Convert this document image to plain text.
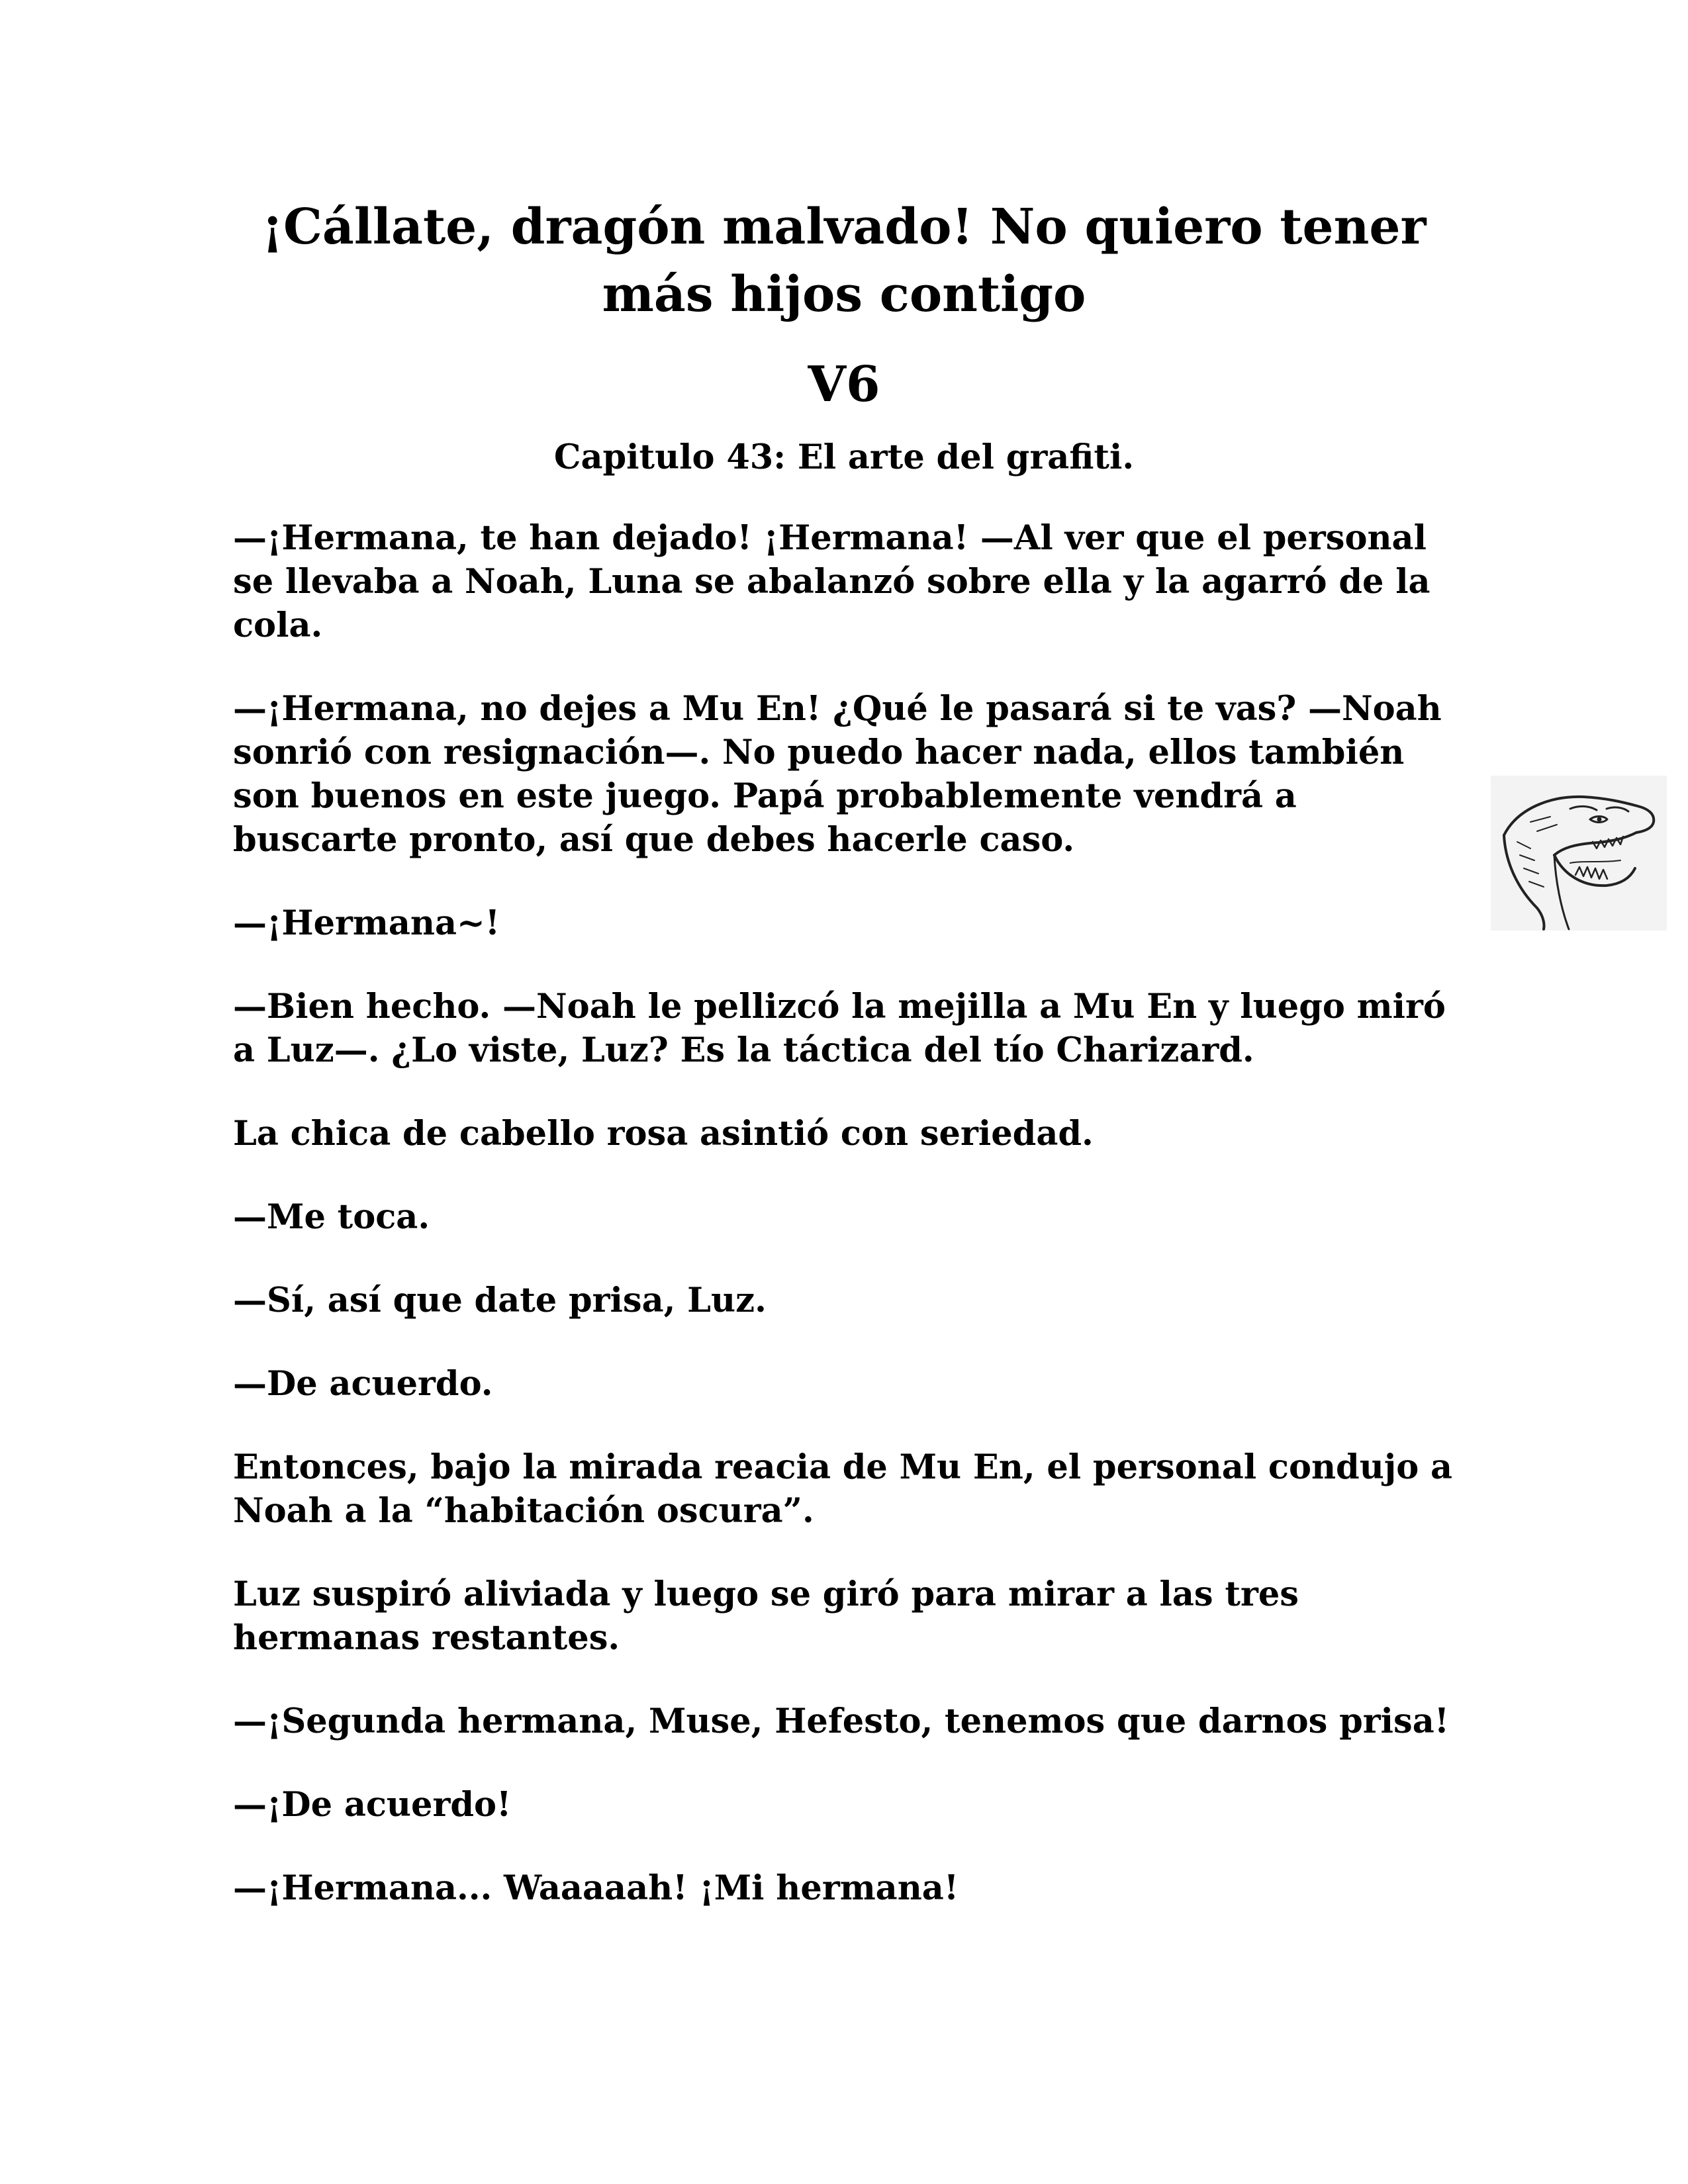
¡Cállate, dragón malvado! No quiero tener
más hijos contigo
V6
Capitulo 43: El arte del grafiti.

—¡Hermana, te han dejado! ¡Hermana! —Al ver que el personal se llevaba a Noah, Luna se abalanzó sobre ella y la agarró de la cola.

—¡Hermana, no dejes a Mu En! ¿Qué le pasará si te vas? —Noah sonrió con resignación—. No puedo hacer nada, ellos también son buenos en este juego. Papá probablemente vendrá a buscarte pronto, así que debes hacerle caso.

—¡Hermana~!

—Bien hecho. —Noah le pellizcó la mejilla a Mu En y luego miró a Luz—. ¿Lo viste, Luz? Es la táctica del tío Charizard.

La chica de cabello rosa asintió con seriedad.

—Me toca.

—Sí, así que date prisa, Luz.

—De acuerdo.

Entonces, bajo la mirada reacia de Mu En, el personal condujo a Noah a la “habitación oscura”.

Luz suspiró aliviada y luego se giró para mirar a las tres hermanas restantes.

—¡Segunda hermana, Muse, Hefesto, tenemos que darnos prisa!

—¡De acuerdo!

—¡Hermana... Waaaaah! ¡Mi hermana!
